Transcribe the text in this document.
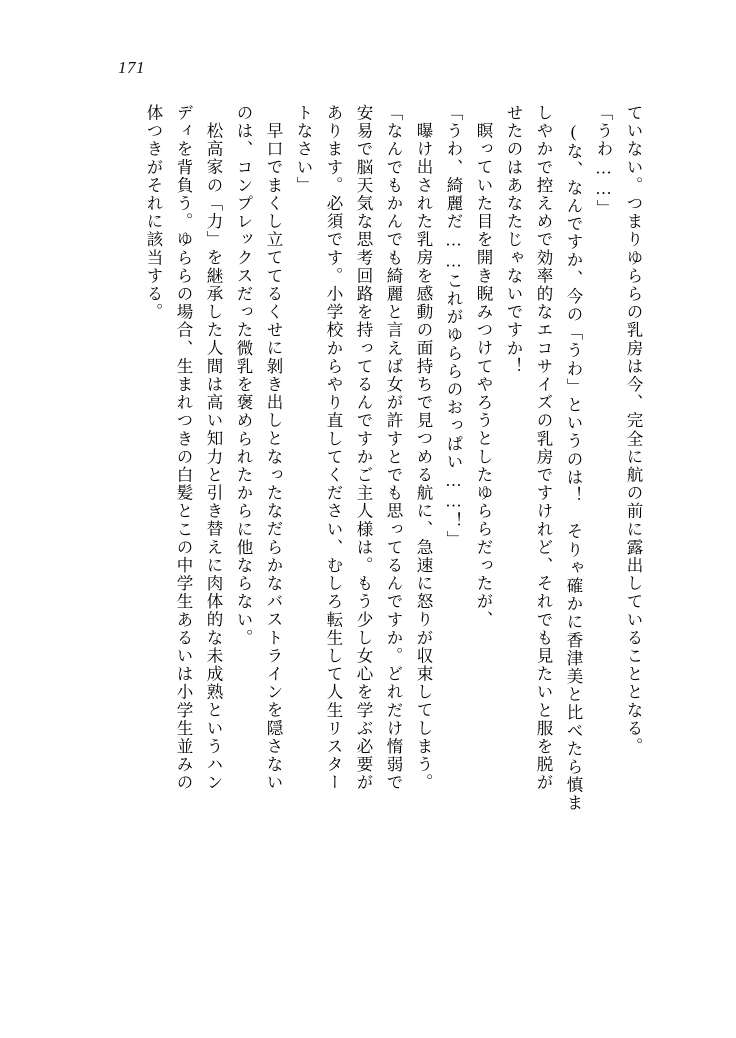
171
ていない。つまりゆららの乳房は今、完全に航の前に露出していることとなる。
「うわ……」
(な、なんですか、今の「うわ」というのは！　そりゃ確かに香津美と比べたら慎ま
しやかで控えめで効率的なエコサイズの乳房ですけれど、それでも見たいと服を脱が
せたのはあなたじゃないですか！
瞑っていた目を開き睨みつけてやろうとしたゆららだったが、
「うわ、綺麗だ……これがゆららのおっぱい……！」
曝け出された乳房を感動の面持ちで見つめる航に、急速に怒りが収束してしまう。
「なんでもかんでも綺麗と言えば女が許すとでも思ってるんですか。どれだけ惰弱で
安易で脳天気な思考回路を持ってるんですかご主人様は。もう少し女心を学ぶ必要が
あります。必須です。小学校からやり直してください、むしろ転生して人生リスター
トなさい」
早口でまくし立ててるくせに剝き出しとなったなだらかなバストラインを隠さない
のは、コンプレックスだった微乳を褒められたからに他ならない。
松高家の「力」を継承した人間は高い知力と引き替えに肉体的な未成熟というハン
ディを背負う。ゆららの場合、生まれつきの白髪とこの中学生あるいは小学生並みの
体つきがそれに該当する。
